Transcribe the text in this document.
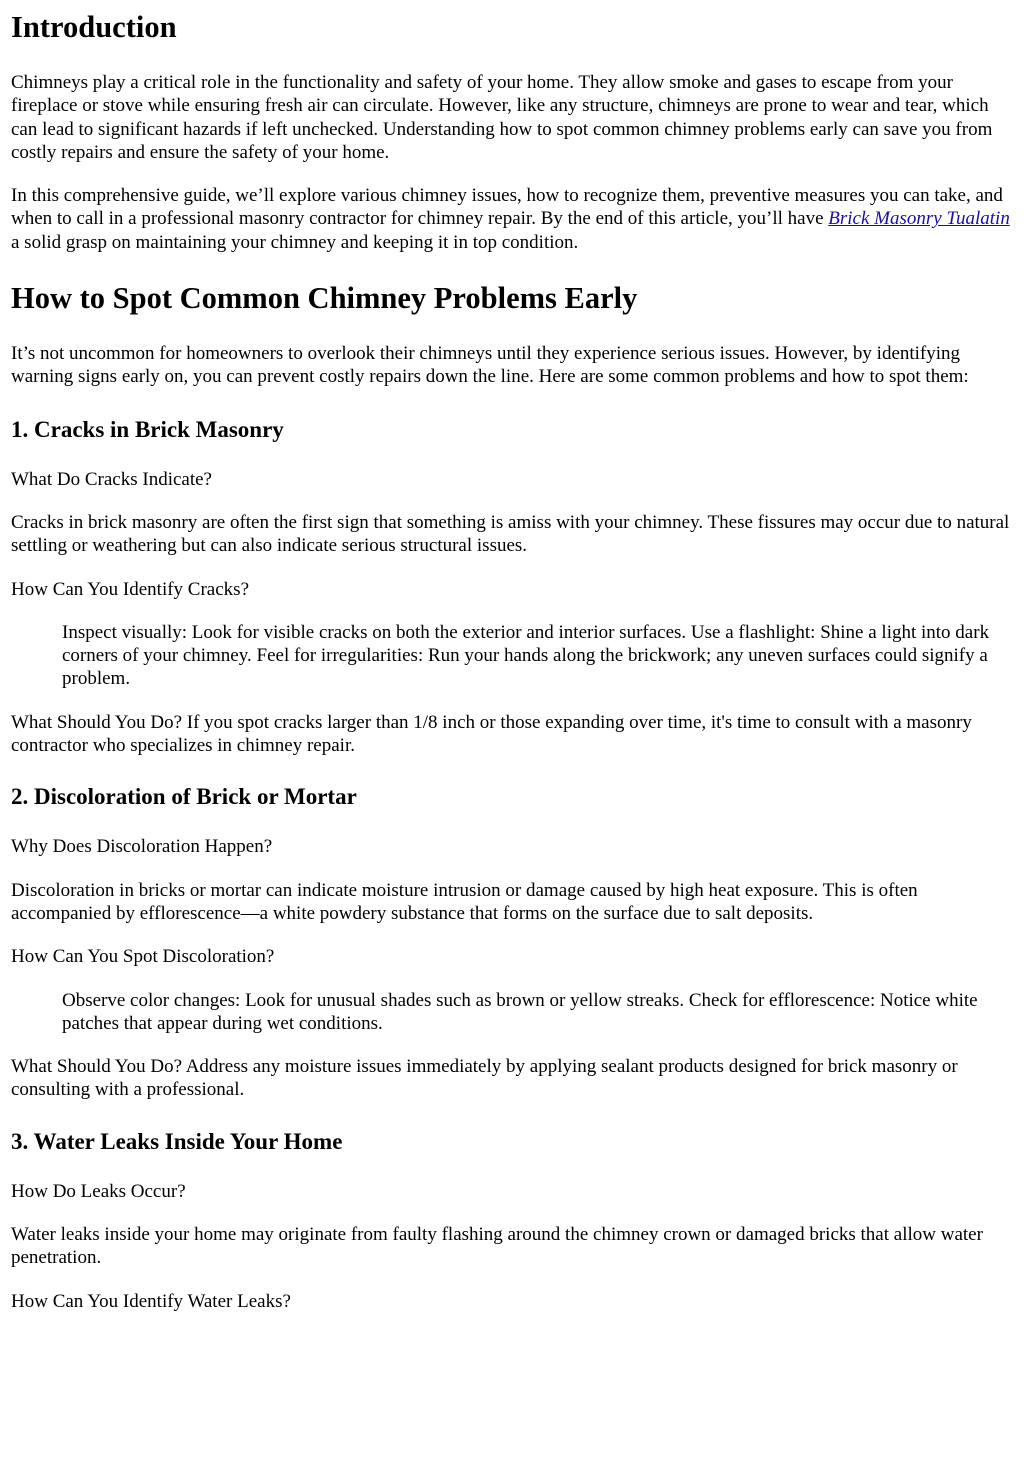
Introduction

Chimneys play a critical role in the functionality and safety of your home. They allow smoke and gases to escape from your fireplace or stove while ensuring fresh air can circulate. However, like any structure, chimneys are prone to wear and tear, which can lead to significant hazards if left unchecked. Understanding how to spot common chimney problems early can save you from costly repairs and ensure the safety of your home.

In this comprehensive guide, we’ll explore various chimney issues, how to recognize them, preventive measures you can take, and when to call in a professional masonry contractor for chimney repair. By the end of this article, you’ll have Brick Masonry Tualatin a solid grasp on maintaining your chimney and keeping it in top condition.

How to Spot Common Chimney Problems Early

It’s not uncommon for homeowners to overlook their chimneys until they experience serious issues. However, by identifying warning signs early on, you can prevent costly repairs down the line. Here are some common problems and how to spot them:

1. Cracks in Brick Masonry

What Do Cracks Indicate?

Cracks in brick masonry are often the first sign that something is amiss with your chimney. These fissures may occur due to natural settling or weathering but can also indicate serious structural issues.

How Can You Identify Cracks?

Inspect visually: Look for visible cracks on both the exterior and interior surfaces. Use a flashlight: Shine a light into dark corners of your chimney. Feel for irregularities: Run your hands along the brickwork; any uneven surfaces could signify a problem.

What Should You Do? If you spot cracks larger than 1/8 inch or those expanding over time, it's time to consult with a masonry contractor who specializes in chimney repair.

2. Discoloration of Brick or Mortar

Why Does Discoloration Happen?

Discoloration in bricks or mortar can indicate moisture intrusion or damage caused by high heat exposure. This is often accompanied by efflorescence—a white powdery substance that forms on the surface due to salt deposits.

How Can You Spot Discoloration?

Observe color changes: Look for unusual shades such as brown or yellow streaks. Check for efflorescence: Notice white patches that appear during wet conditions.

What Should You Do? Address any moisture issues immediately by applying sealant products designed for brick masonry or consulting with a professional.

3. Water Leaks Inside Your Home

How Do Leaks Occur?

Water leaks inside your home may originate from faulty flashing around the chimney crown or damaged bricks that allow water penetration.

How Can You Identify Water Leaks?
